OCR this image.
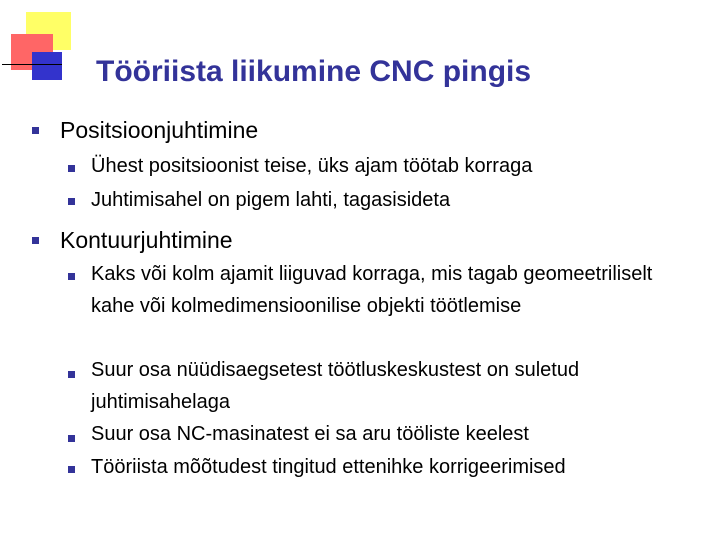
Tööriista liikumine CNC pingis
Positsioonjuhtimine
Ühest positsioonist teise, üks ajam töötab korraga
Juhtimisahel on pigem lahti, tagasisideta
Kontuurjuhtimine
Kaks või kolm ajamit liiguvad korraga, mis tagab geomeetriliselt kahe või kolmedimensioonilise objekti töötlemise
Suur osa nüüdisaegsetest töötluskeskustest on suletud juhtimisahelaga
Suur osa NC-masinatest ei sa aru tööliste keelest
Tööriista mõõtudest tingitud ettenihke korrigeerimised
